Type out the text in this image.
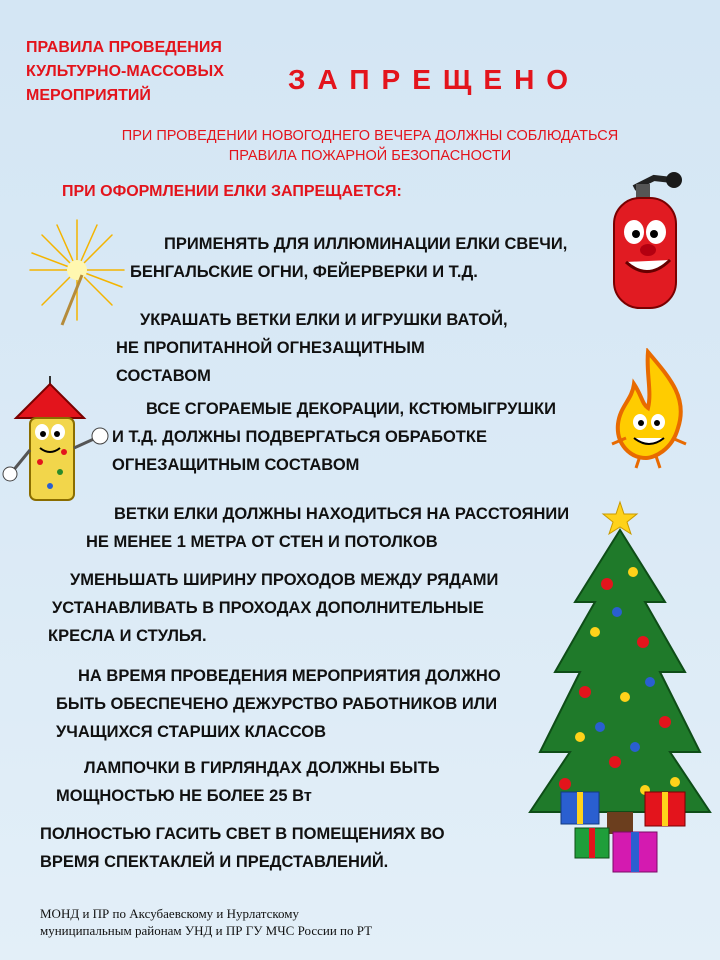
ПРАВИЛА ПРОВЕДЕНИЯ
КУЛЬТУРНО-МАССОВЫХ
МЕРОПРИЯТИЙ
ЗАПРЕЩЕНО
ПРИ ПРОВЕДЕНИИ НОВОГОДНЕГО ВЕЧЕРА ДОЛЖНЫ СОБЛЮДАТЬСЯ
ПРАВИЛА ПОЖАРНОЙ БЕЗОПАСНОСТИ
ПРИ ОФОРМЛЕНИИ ЕЛКИ ЗАПРЕЩАЕТСЯ:
ПРИМЕНЯТЬ ДЛЯ ИЛЛЮМИНАЦИИ ЕЛКИ СВЕЧИ,
БЕНГАЛЬСКИЕ ОГНИ, ФЕЙЕРВЕРКИ И Т.Д.
УКРАШАТЬ ВЕТКИ ЕЛКИ И ИГРУШКИ ВАТОЙ,
НЕ ПРОПИТАННОЙ ОГНЕЗАЩИТНЫМ
СОСТАВОМ
ВСЕ СГОРАЕМЫЕ ДЕКОРАЦИИ, КСТЮМЫГРУШКИ
И Т.Д. ДОЛЖНЫ ПОДВЕРГАТЬСЯ ОБРАБОТКЕ
ОГНЕЗАЩИТНЫМ СОСТАВОМ
ВЕТКИ ЕЛКИ ДОЛЖНЫ НАХОДИТЬСЯ НА РАССТОЯНИИ
НЕ МЕНЕЕ 1 МЕТРА ОТ СТЕН И ПОТОЛКОВ
УМЕНЬШАТЬ ШИРИНУ ПРОХОДОВ МЕЖДУ РЯДАМИ
УСТАНАВЛИВАТЬ В ПРОХОДАХ ДОПОЛНИТЕЛЬНЫЕ
КРЕСЛА И СТУЛЬЯ.
НА ВРЕМЯ ПРОВЕДЕНИЯ МЕРОПРИЯТИЯ ДОЛЖНО
БЫТЬ ОБЕСПЕЧЕНО ДЕЖУРСТВО РАБОТНИКОВ ИЛИ
УЧАЩИХСЯ СТАРШИХ КЛАССОВ
ЛАМПОЧКИ В ГИРЛЯНДАХ ДОЛЖНЫ БЫТЬ
МОЩНОСТЬЮ НЕ БОЛЕЕ 25 Вт
ПОЛНОСТЬЮ ГАСИТЬ СВЕТ В ПОМЕЩЕНИЯХ ВО
ВРЕМЯ СПЕКТАКЛЕЙ И ПРЕДСТАВЛЕНИЙ.
МОНД и ПР по Аксубаевскому и Нурлатскому
муниципальным районам УНД и ПР ГУ МЧС России по РТ
